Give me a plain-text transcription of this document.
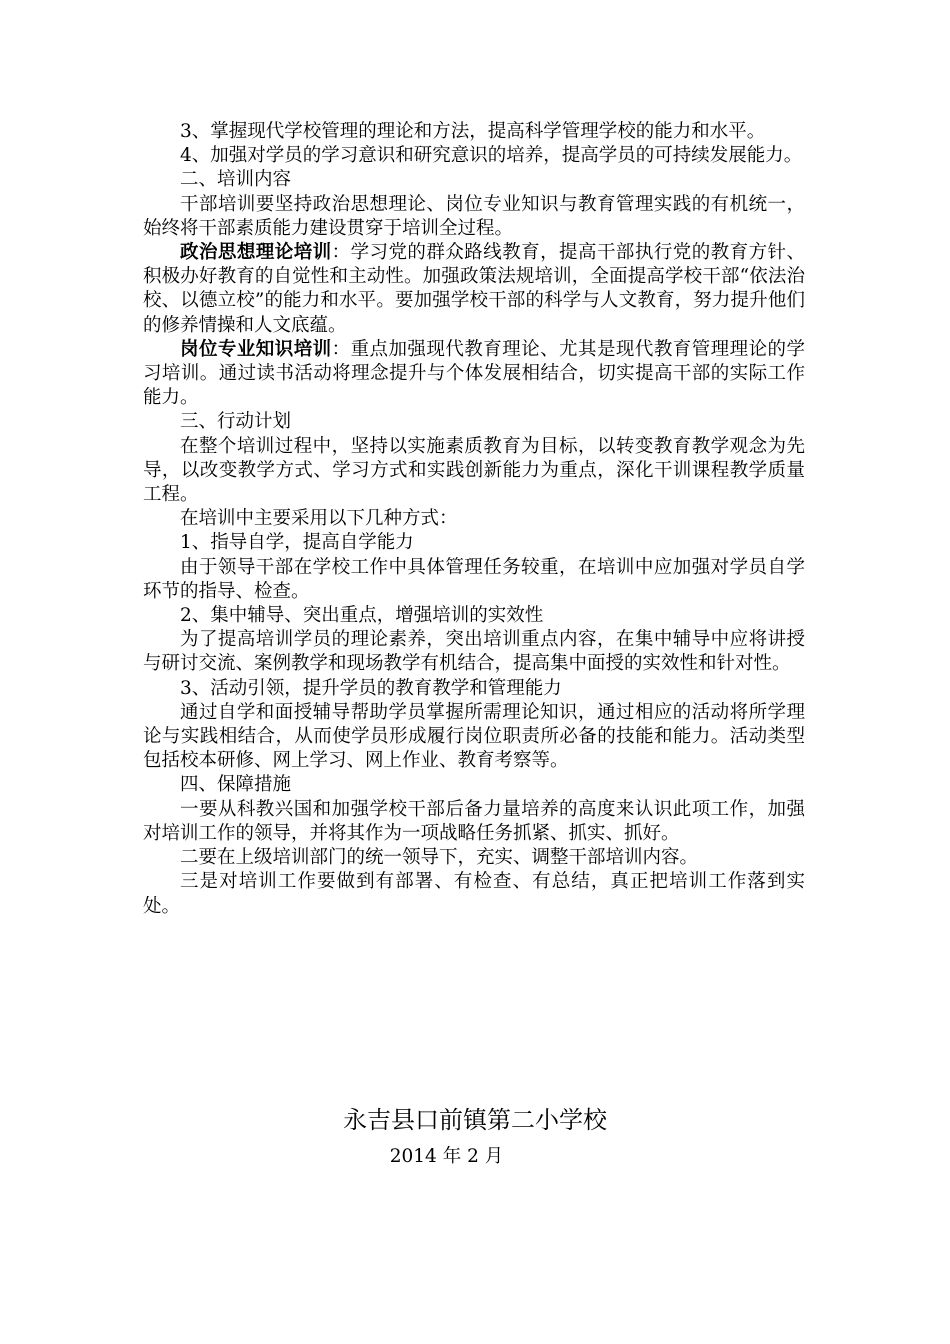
3、掌握现代学校管理的理论和方法，提高科学管理学校的能力和水平。

4、加强对学员的学习意识和研究意识的培养，提高学员的可持续发展能力。

二、培训内容

干部培训要坚持政治思想理论、岗位专业知识与教育管理实践的有机统一，始终将干部素质能力建设贯穿于培训全过程。

政治思想理论培训：学习党的群众路线教育，提高干部执行党的教育方针、积极办好教育的自觉性和主动性。加强政策法规培训，全面提高学校干部“依法治校、以德立校”的能力和水平。要加强学校干部的科学与人文教育，努力提升他们的修养情操和人文底蕴。

岗位专业知识培训：重点加强现代教育理论、尤其是现代教育管理理论的学习培训。通过读书活动将理念提升与个体发展相结合，切实提高干部的实际工作能力。

三、行动计划

在整个培训过程中，坚持以实施素质教育为目标，以转变教育教学观念为先导，以改变教学方式、学习方式和实践创新能力为重点，深化干训课程教学质量工程。

在培训中主要采用以下几种方式：

1、指导自学，提高自学能力

由于领导干部在学校工作中具体管理任务较重，在培训中应加强对学员自学环节的指导、检查。

2、集中辅导、突出重点，增强培训的实效性

为了提高培训学员的理论素养，突出培训重点内容，在集中辅导中应将讲授与研讨交流、案例教学和现场教学有机结合，提高集中面授的实效性和针对性。

3、活动引领，提升学员的教育教学和管理能力

通过自学和面授辅导帮助学员掌握所需理论知识，通过相应的活动将所学理论与实践相结合，从而使学员形成履行岗位职责所必备的技能和能力。活动类型包括校本研修、网上学习、网上作业、教育考察等。

四、保障措施

一要从科教兴国和加强学校干部后备力量培养的高度来认识此项工作，加强对培训工作的领导，并将其作为一项战略任务抓紧、抓实、抓好。

二要在上级培训部门的统一领导下，充实、调整干部培训内容。

三是对培训工作要做到有部署、有检查、有总结，真正把培训工作落到实处。

永吉县口前镇第二小学校
2014 年 2 月
